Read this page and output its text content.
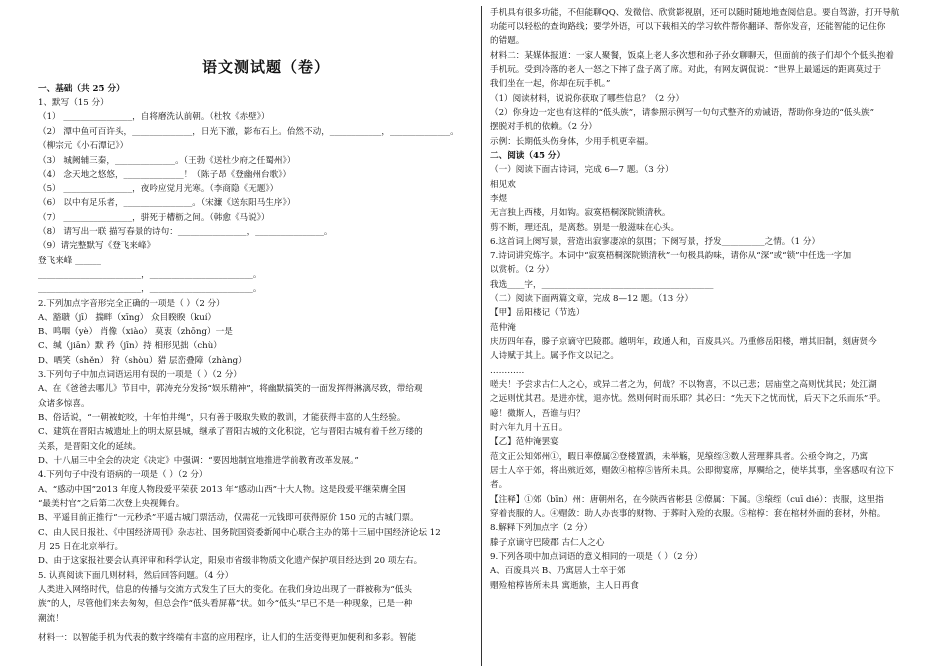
语文测试题（卷）
一、基础（共 25 分）
1、默写（15 分）
（1） ________________，自将磨洗认前朝。（杜牧《赤壁》）
（2） 潭中鱼可百许头，______________，日光下澈，影布石上。佁然不动，____________，______________。
（柳宗元《小石潭记》）
（3） 城阙辅三秦，______________。（王勃《送杜少府之任蜀州》）
（4） 念天地之悠悠，______________！（陈子昂《登幽州台歌》）
（5） ________________，夜吟应觉月光寒。（李商隐《无题》）
（6） 以中有足乐者，________________。（宋濂《送东阳马生序》）
（7） ________________，骈死于槽枥之间。（韩愈《马说》）
（8） 请写出一联 描写春景的诗句：________________，________________。
（9）请完整默写《登飞来峰》
登飞来峰 ______
________________________，________________________。
________________________，________________________。
2.下列加点字音形完全正确的一项是（ ）（2 分）
A、豁聩（jī） 揣畔（xīng） 众目睽睽（kuí）
B、鸣咽（yè） 肖像（xiào） 莫衷（zhōng）一是
C、缄（jiān）默 矜（jīn）持 相形见拙（chù）
D、哂笑（shěn） 狩（shòu）猎 层峦叠障（zhàng）
3.下列句子中加点词语运用有误的一项是（ ）（2 分）
A、在《爸爸去哪儿》节目中，郭涛充分发扬“娱乐精神”，将幽默搞笑的一面发挥得淋漓尽致，带给观
众诸多惊喜。
B、俗话说，“一朝被蛇咬，十年怕井绳”，只有善于吸取失败的教训，才能获得丰富的人生经验。
C、建筑在晋阳古城遗址上的明太原县城，继承了晋阳古城的文化积淀，它与晋阳古城有着千丝万缕的
关系，是晋阳文化的延续。
D、十八届三中全会的决定《决定》中强调：“要因地制宜地推进学前教育改革发展。”
4.下列句子中没有语病的一项是（ ）（2 分）
A、“感动中国”2013 年度人物段爱平荣获 2013 年“感动山西”十大人物。这是段爱平继荣膺全国
“最美村官”之后第二次登上央视舞台。
B、平遥目前正推行“一元秒杀”平遥古城门票活动，仅需花一元钱即可获得原价 150 元的古城门票。
C、由人民日报社、《中国经济周刊》杂志社、国务院国资委新闻中心联合主办的第十三届中国经济论坛 12
月 25 日在北京举行。
D、由于这家报社要会认真评审和科学认定，阳泉市省级非物质文化遗产保护项目经达到 20 项左右。
5. 认真阅读下面几则材料，然后回答问题。（4 分）
人类进入网络时代，信息的传播与交流方式发生了巨大的变化。在我们身边出现了一群被称为“低头
族”的人，尽管他们来去匆匆，但总会作“低头看屏幕”状。如今“低头”早已不是一种现象，已是一种
潮流！
材料一：以智能手机为代表的数字终端有丰富的应用程序，让人们的生活变得更加便利和多彩。智能
手机具有很多功能，不但能聊QQ、发微信、欣赏影视剧，还可以随时随地地查阅信息。要自驾游，打开导航
功能可以轻松的查询路线；要学外语，可以下载相关的学习软件帮你翻译、帮你发音，还能智能的记住你
的错题。
材料二：某媒体报道：一家人聚餐，饭桌上老人多次想和孙子孙女聊聊天，但面前的孩子们却个个低头抱着
手机玩。受到冷落的老人一怒之下摔了盘子离了席。对此，有网友调侃说：“世界上最遥远的距离莫过于
我们坐在一起，你却在玩手机。”
（1）阅读材料，说说你获取了哪些信息？（2 分）
（2）你身边一定也有这样的“低头族”，请参照示例写一句句式整齐的劝诫语，帮助你身边的“低头族”
摆脱对手机的依赖。（2 分）
示例：长期低头伤身体，少用手机更幸福。
二、阅读（45 分）
（一）阅读下面古诗词，完成 6—7 题。（3 分）
相见欢
李煜
无言独上西楼，月如钩。寂寞梧桐深院锁清秋。
剪不断，理还乱，是离愁。别是一般滋味在心头。
6.这首词上阕写景，营造出寂寥凄凉的氛围；下阕写景，抒发__________之情。（1 分）
7.诗词讲究炼字。本词中“寂寞梧桐深院锁清秋”一句极具韵味，请你从“深”或“锁”中任选一字加
以赏析。（2 分）
我选____字，________________________________________
（二）阅读下面两篇文章，完成 8—12 题。（13 分）
【甲】岳阳楼记（节选）
范仲淹
庆历四年春，滕子京谪守巴陵郡。越明年，政通人和，百废具兴。乃重修岳阳楼，增其旧制，刻唐贤今
人诗赋于其上。属予作文以记之。
…………
嗟夫！予尝求古仁人之心，或异二者之为，何哉？不以物喜，不以己悲；居庙堂之高则忧其民；处江湖
之远则忧其君。是进亦忧，退亦忧。然则何时而乐耶？其必曰：“先天下之忧而忧，后天下之乐而乐”乎。
噫！微斯人，吾谁与归？
时六年九月十五日。
【乙】范仲淹罢宴
范文正公知郊州①，暇日率僚属②登楼置酒，未举觞，见缞绖③数人营理葬具者。公亟令询之，乃寓
居士人卒于郊，将出殡近郊，赗敛④棺椁⑤皆所未具。公即彻宴席，厚赒给之，使毕其事，坐客感叹有泣下
者。
【注释】①郊（bīn）州：唐朝州名，在今陕西省彬县 ②僚属：下属。③缞绖（cuī dié）：丧服，这里指
穿着丧服的人。④赗敛：助人办丧事的财物、于葬时入殓的衣服。⑤棺椁：套在棺材外面的套材，外棺。
8.解释下列加点字（2 分）
滕子京谪守巴陵郡 古仁人之心
9.下列各项中加点词语的意义相同的一项是（ ）（2 分）
A、百废具兴 B、乃寓居人士卒于郊
赗殓棺椁皆所未具 寓逝旅，主人日再食
